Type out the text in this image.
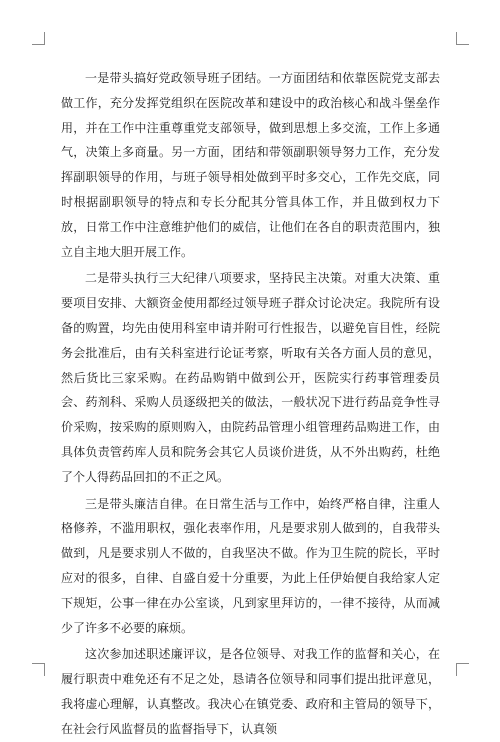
一是带头搞好党政领导班子团结。一方面团结和依靠医院党支部去做工作，充分发挥党组织在医院改革和建设中的政治核心和战斗堡垒作用，并在工作中注重尊重党支部领导，做到思想上多交流，工作上多通气，决策上多商量。另一方面，团结和带领副职领导努力工作，充分发挥副职领导的作用，与班子领导相处做到平时多交心，工作先交底，同时根据副职领导的特点和专长分配其分管具体工作，并且做到权力下放，日常工作中注意维护他们的威信，让他们在各自的职责范围内，独立自主地大胆开展工作。

二是带头执行三大纪律八项要求，坚持民主决策。对重大决策、重要项目安排、大额资金使用都经过领导班子群众讨论决定。我院所有设备的购置，均先由使用科室申请并附可行性报告，以避免盲目性，经院务会批准后，由有关科室进行论证考察，听取有关各方面人员的意见，然后货比三家采购。在药品购销中做到公开，医院实行药事管理委员会、药剂科、采购人员逐级把关的做法，一般状况下进行药品竞争性寻价采购，按采购的原则购入，由院药品管理小组管理药品购进工作，由具体负责管药库人员和院务会其它人员谈价进货，从不外出购药，杜绝了个人得药品回扣的不正之风。

三是带头廉洁自律。在日常生活与工作中，始终严格自律，注重人格修养，不滥用职权，强化表率作用，凡是要求别人做到的，自我带头做到，凡是要求别人不做的，自我坚决不做。作为卫生院的院长，平时应对的很多，自律、自盛自爱十分重要，为此上任伊始便自我给家人定下规矩，公事一律在办公室谈，凡到家里拜访的，一律不接待，从而减少了许多不必要的麻烦。

这次参加述职述廉评议，是各位领导、对我工作的监督和关心，在履行职责中难免还有不足之处，恳请各位领导和同事们提出批评意见，我将虚心理解，认真整改。我决心在镇党委、政府和主管局的领导下，在社会行风监督员的监督指导下，认真领
